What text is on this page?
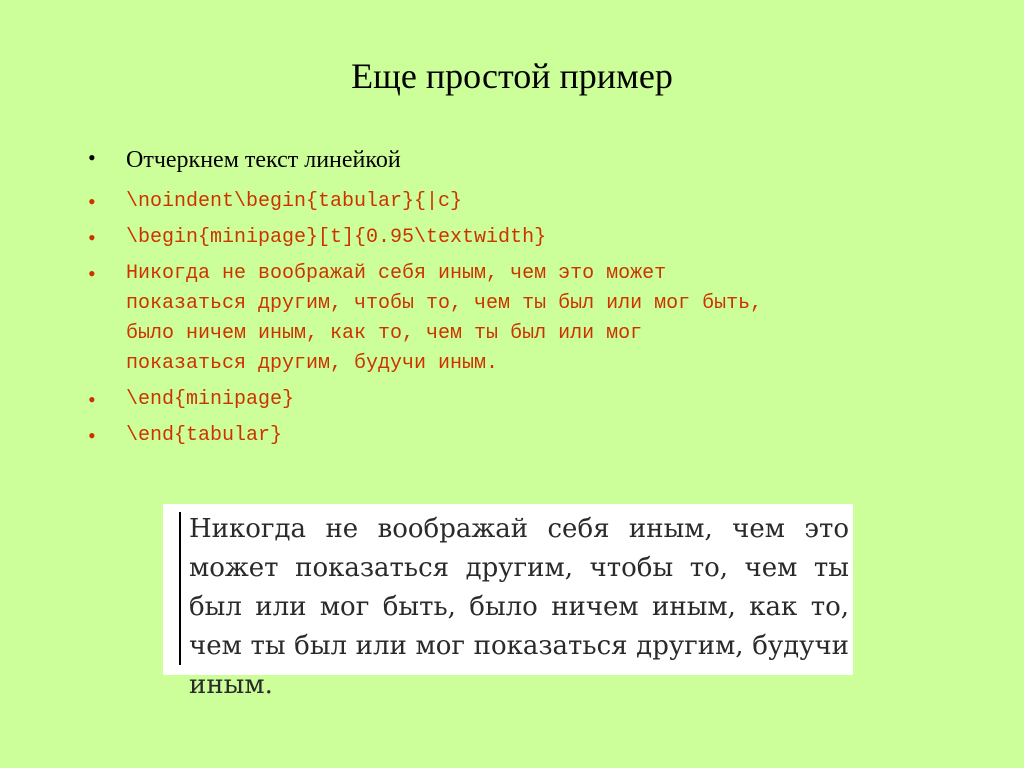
Еще простой пример
• Отчеркнем текст линейкой
• \noindent\begin{tabular}{|c}
• \begin{minipage}[t]{0.95\textwidth}
• Никогда не воображай себя иным, чем это может
показаться другим, чтобы то, чем ты был или мог быть,
было ничем иным, как то, чем ты был или мог
показаться другим, будучи иным.
• \end{minipage}
• \end{tabular}
Никогда не воображай себя иным, чем это может показаться другим, чтобы то, чем ты был или мог быть, было ничем иным, как то, чем ты был или мог показаться другим, будучи иным.
